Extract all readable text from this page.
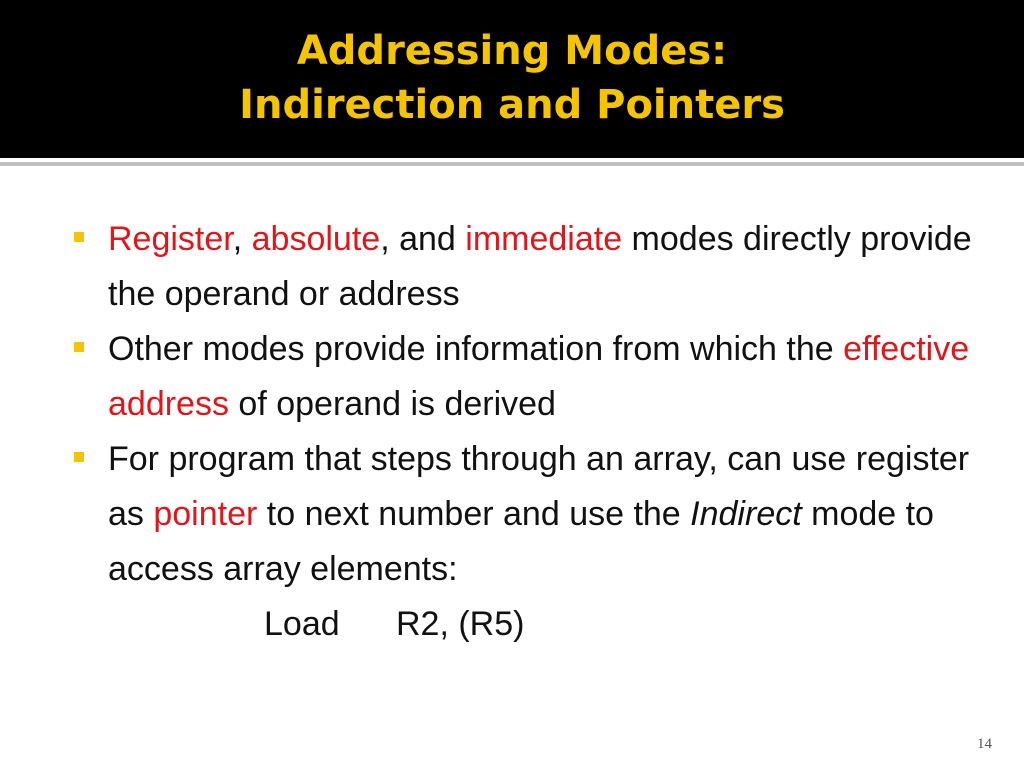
Addressing Modes:
Indirection and Pointers
Register, absolute, and immediate modes directly provide the operand or address
Other modes provide information from which the effective address of operand is derived
For program that steps through an array, can use register as pointer to next number and use the Indirect mode to access array elements:
Load R2, (R5)
14
